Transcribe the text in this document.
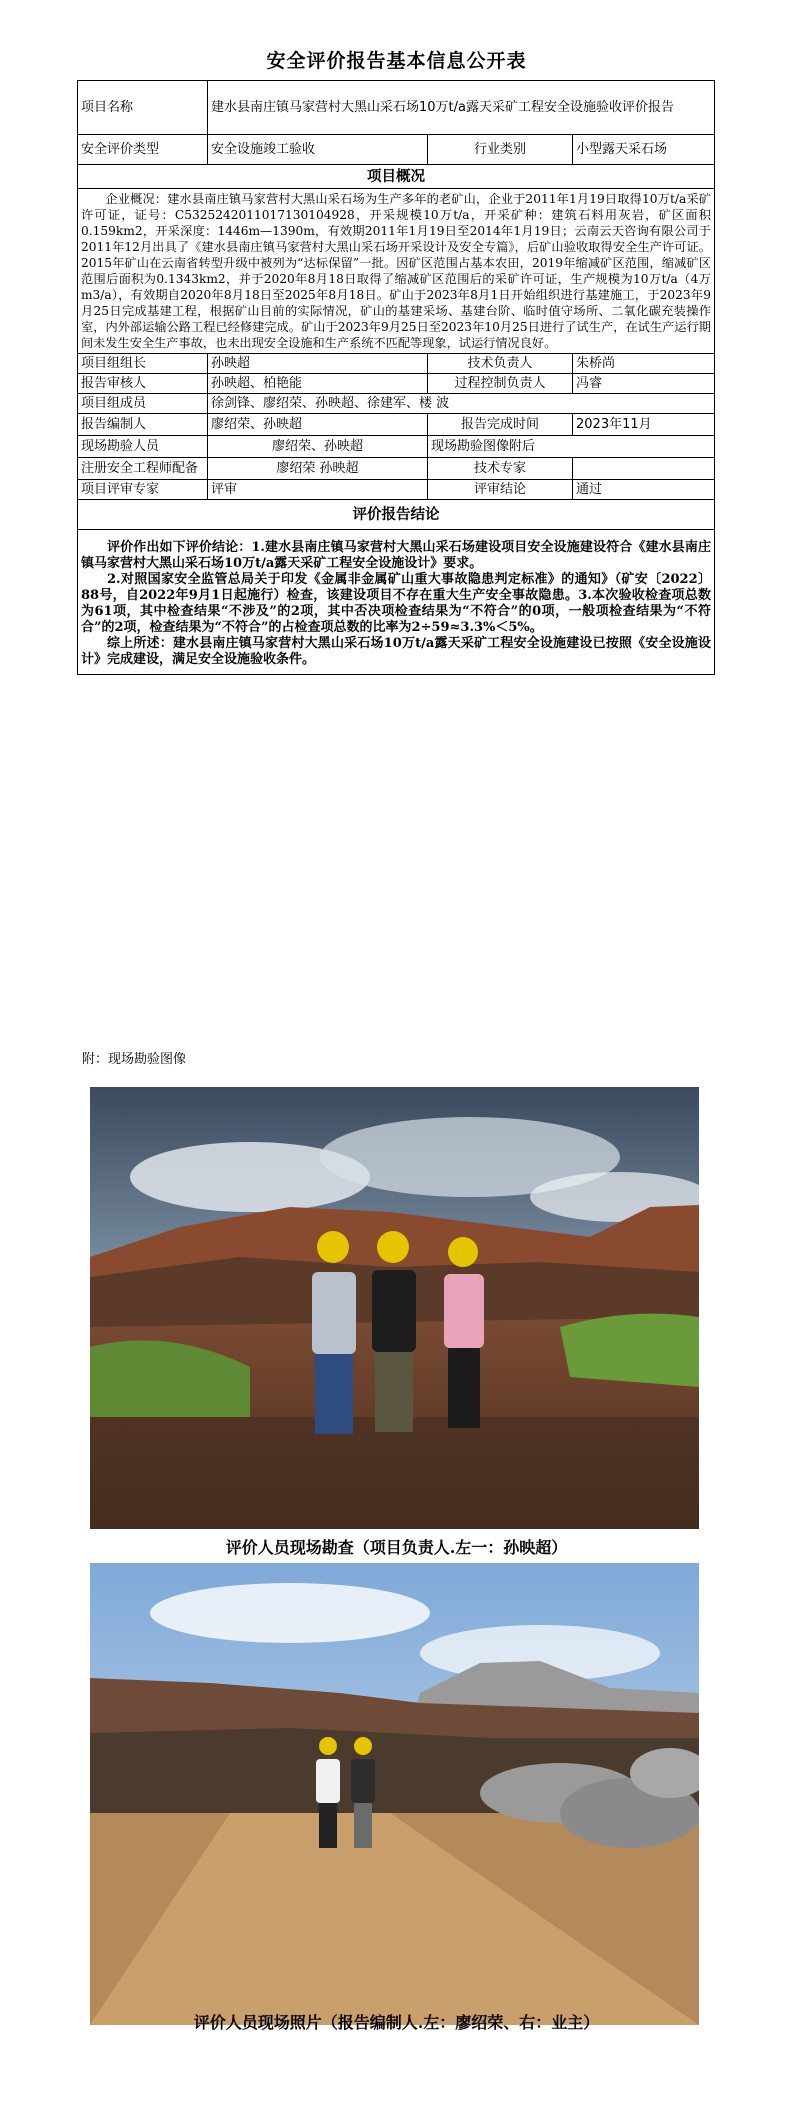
安全评价报告基本信息公开表
项目名称	建水县南庄镇马家营村大黑山采石场10万t/a露天采矿工程安全设施验收评价报告		
安全评价类型	安全设施竣工验收	行业类别	小型露天采石场
项目概况			
企业概况：建水县南庄镇马家营村大黑山采石场为生产多年的老矿山，企业于2011年1月19日取得10万t/a采矿许可证，证号：C5325242011017130104928，开采规模10万t/a，开采矿种：建筑石料用灰岩，矿区面积0.159km2，开采深度：1446m—1390m，有效期2011年1月19日至2014年1月19日；云南云天咨询有限公司于2011年12月出具了《建水县南庄镇马家营村大黑山采石场开采设计及安全专篇》，后矿山验收取得安全生产许可证。2015年矿山在云南省转型升级中被列为“达标保留”一批。因矿区范围占基本农田，2019年缩减矿区范围，缩减矿区范围后面积为0.1343km2，并于2020年8月18日取得了缩减矿区范围后的采矿许可证，生产规模为10万t/a（4万m3/a），有效期自2020年8月18日至2025年8月18日。矿山于2023年8月1日开始组织进行基建施工，于2023年9月25日完成基建工程，根据矿山目前的实际情况，矿山的基建采场、基建台阶、临时值守场所、二氧化碳充装操作室，内外部运输公路工程已经修建完成。矿山于2023年9月25日至2023年10月25日进行了试生产，在试生产运行期间未发生安全生产事故，也未出现安全设施和生产系统不匹配等现象，试运行情况良好。			
项目组组长	孙映超	技术负责人	朱桥尚
报告审核人	孙映超、柏艳能	过程控制负责人	冯睿
项目组成员	徐剑锋、廖绍荣、孙映超、徐建军、楼 波		
报告编制人	廖绍荣、孙映超	报告完成时间	2023年11月
现场勘验人员	廖绍荣、孙映超	现场勘验图像附后	
注册安全工程师配备	廖绍荣 孙映超	技术专家	
项目评审专家	评审	评审结论	通过
评价报告结论			

评价作出如下评价结论：1.建水县南庄镇马家营村大黑山采石场建设项目安全设施建设符合《建水县南庄镇马家营村大黑山采石场10万t/a露天采矿工程安全设施设计》要求。

2.对照国家安全监管总局关于印发《金属非金属矿山重大事故隐患判定标准》的通知》（矿安〔2022〕88号，自2022年9月1日起施行）检查，该建设项目不存在重大生产安全事故隐患。3.本次验收检查项总数为61项，其中检查结果“不涉及”的2项，其中否决项检查结果为“不符合”的0项，一般项检查结果为“不符合”的2项，检查结果为“不符合”的占检查项总数的比率为2÷59≈3.3%＜5%。

综上所述：建水县南庄镇马家营村大黑山采石场10万t/a露天采矿工程安全设施建设已按照《安全设施设计》完成建设，满足安全设施验收条件。			

附：现场勘验图像
评价人员现场勘查（项目负责人.左一：孙映超）
评价人员现场照片（报告编制人.左：廖绍荣、右：业主）
